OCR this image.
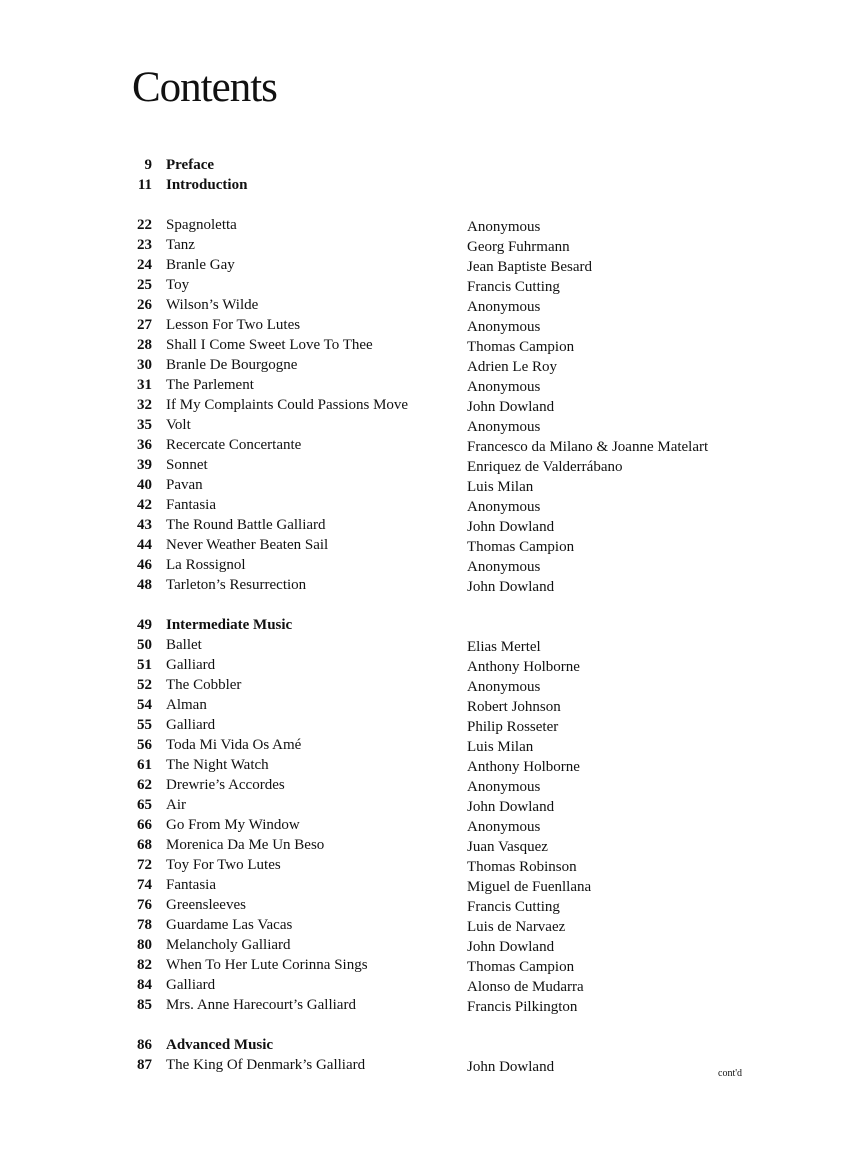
Contents
9 Preface
11 Introduction
22 Spagnoletta	Anonymous
23 Tanz	Georg Fuhrmann
24 Branle Gay	Jean Baptiste Besard
25 Toy	Francis Cutting
26 Wilson’s Wilde	Anonymous
27 Lesson For Two Lutes	Anonymous
28 Shall I Come Sweet Love To Thee	Thomas Campion
30 Branle De Bourgogne	Adrien Le Roy
31 The Parlement	Anonymous
32 If My Complaints Could Passions Move	John Dowland
35 Volt	Anonymous
36 Recercate Concertante	Francesco da Milano & Joanne Matelart
39 Sonnet	Enriquez de Valderrábano
40 Pavan	Luis Milan
42 Fantasia	Anonymous
43 The Round Battle Galliard	John Dowland
44 Never Weather Beaten Sail	Thomas Campion
46 La Rossignol	Anonymous
48 Tarleton’s Resurrection	John Dowland
49 Intermediate Music
50 Ballet	Elias Mertel
51 Galliard	Anthony Holborne
52 The Cobbler	Anonymous
54 Alman	Robert Johnson
55 Galliard	Philip Rosseter
56 Toda Mi Vida Os Amé	Luis Milan
61 The Night Watch	Anthony Holborne
62 Drewrie’s Accordes	Anonymous
65 Air	John Dowland
66 Go From My Window	Anonymous
68 Morenica Da Me Un Beso	Juan Vasquez
72 Toy For Two Lutes	Thomas Robinson
74 Fantasia	Miguel de Fuenllana
76 Greensleeves	Francis Cutting
78 Guardame Las Vacas	Luis de Narvaez
80 Melancholy Galliard	John Dowland
82 When To Her Lute Corinna Sings	Thomas Campion
84 Galliard	Alonso de Mudarra
85 Mrs. Anne Harecourt’s Galliard	Francis Pilkington
86 Advanced Music
87 The King Of Denmark’s Galliard	John Dowland	cont'd
